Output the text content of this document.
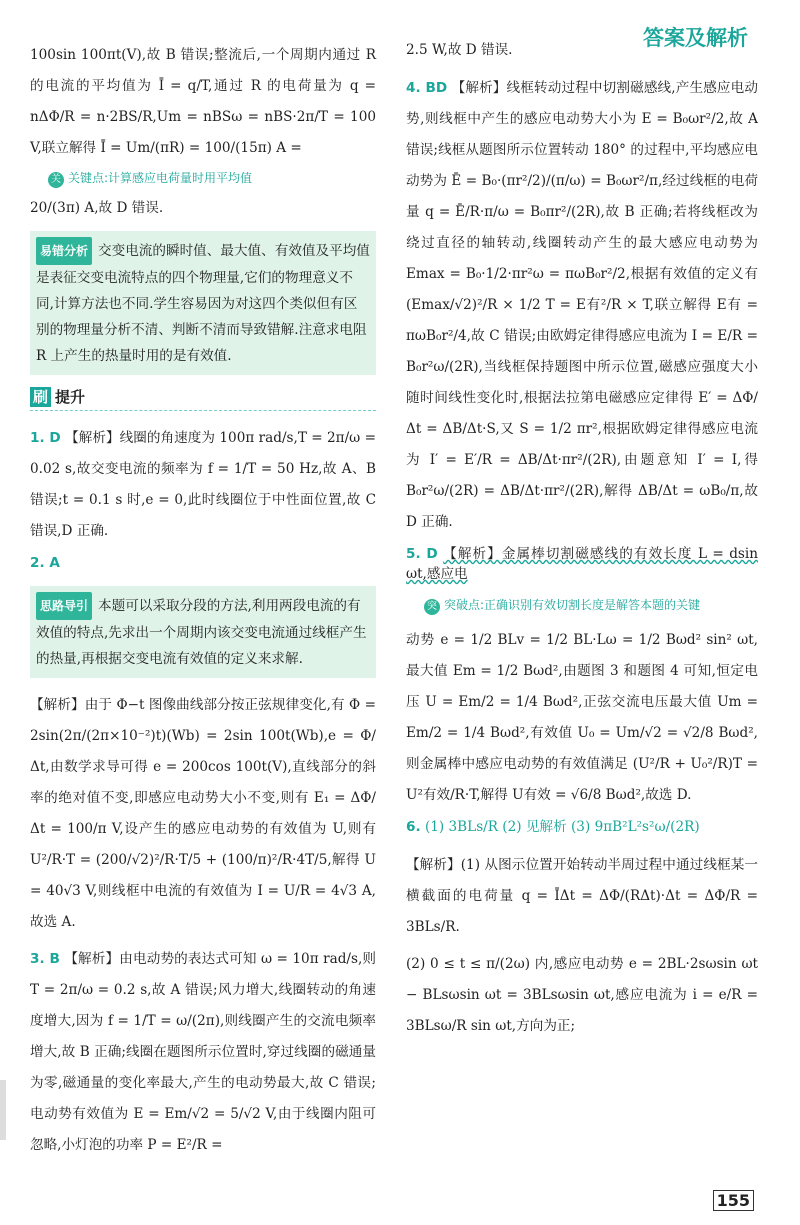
答案及解析

100sin 100πt(V),故 B 错误;整流后,一个周期内通过 R 的电流的平均值为 Ī = q/T,通过 R 的电荷量为 q = nΔΦ/R = n·2BS/R,Um = nBSω = nBS·2π/T = 100 V,联立解得 Ī = Um/(πR) = 100/(15π) A =

关 关键点:计算感应电荷量时用平均值

20/(3π) A,故 D 错误.

易错分析 交变电流的瞬时值、最大值、有效值及平均值是表征交变电流特点的四个物理量,它们的物理意义不同,计算方法也不同.学生容易因为对这四个类似但有区别的物理量分析不清、判断不清而导致错解.注意求电阻 R 上产生的热量时用的是有效值.
刷 提升

1. D 【解析】线圈的角速度为 100π rad/s,T = 2π/ω = 0.02 s,故交变电流的频率为 f = 1/T = 50 Hz,故 A、B 错误;t = 0.1 s 时,e = 0,此时线圈位于中性面位置,故 C 错误,D 正确.

2. A

思路导引 本题可以采取分段的方法,利用两段电流的有效值的特点,先求出一个周期内该交变电流通过线框产生的热量,再根据交变电流有效值的定义来求解.

【解析】由于 Φ−t 图像曲线部分按正弦规律变化,有 Φ = 2sin(2π/(2π×10⁻²)t)(Wb) = 2sin 100t(Wb),e = Φ/Δt,由数学求导可得 e = 200cos 100t(V),直线部分的斜率的绝对值不变,即感应电动势大小不变,则有 E₁ = ΔΦ/Δt = 100/π V,设产生的感应电动势的有效值为 U,则有 U²/R·T = (200/√2)²/R·T/5 + (100/π)²/R·4T/5,解得 U = 40√3 V,则线框中电流的有效值为 I = U/R = 4√3 A,故选 A.

3. B 【解析】由电动势的表达式可知 ω = 10π rad/s,则 T = 2π/ω = 0.2 s,故 A 错误;风力增大,线圈转动的角速度增大,因为 f = 1/T = ω/(2π),则线圈产生的交流电频率增大,故 B 正确;线圈在题图所示位置时,穿过线圈的磁通量为零,磁通量的变化率最大,产生的电动势最大,故 C 错误;电动势有效值为 E = Em/√2 = 5/√2 V,由于线圈内阻可忽略,小灯泡的功率 P = E²/R =

2.5 W,故 D 错误.

4. BD 【解析】线框转动过程中切割磁感线,产生感应电动势,则线框中产生的感应电动势大小为 E = B₀ωr²/2,故 A 错误;线框从题图所示位置转动 180° 的过程中,平均感应电动势为 Ē = B₀·(πr²/2)/(π/ω) = B₀ωr²/π,经过线框的电荷量 q = Ē/R·π/ω = B₀πr²/(2R),故 B 正确;若将线框改为绕过直径的轴转动,线圈转动产生的最大感应电动势为 Emax = B₀·1/2·πr²ω = πωB₀r²/2,根据有效值的定义有 (Emax/√2)²/R × 1/2 T = E有²/R × T,联立解得 E有 = πωB₀r²/4,故 C 错误;由欧姆定律得感应电流为 I = E/R = B₀r²ω/(2R),当线框保持题图中所示位置,磁感应强度大小随时间线性变化时,根据法拉第电磁感应定律得 E′ = ΔΦ/Δt = ΔB/Δt·S,又 S = 1/2 πr²,根据欧姆定律得感应电流为 I′ = E′/R = ΔB/Δt·πr²/(2R),由题意知 I′ = I,得 B₀r²ω/(2R) = ΔB/Δt·πr²/(2R),解得 ΔB/Δt = ωB₀/π,故 D 正确.

5. D 【解析】金属棒切割磁感线的有效长度 L = dsin ωt,感应电

突 突破点:正确识别有效切割长度是解答本题的关键

动势 e = 1/2 BLv = 1/2 BL·Lω = 1/2 Bωd² sin² ωt,最大值 Em = 1/2 Bωd²,由题图 3 和题图 4 可知,恒定电压 U = Em/2 = 1/4 Bωd²,正弦交流电压最大值 Um = Em/2 = 1/4 Bωd²,有效值 U₀ = Um/√2 = √2/8 Bωd²,则金属棒中感应电动势的有效值满足 (U²/R + U₀²/R)T = U²有效/R·T,解得 U有效 = √6/8 Bωd²,故选 D.

6. (1) 3BLs/R (2) 见解析 (3) 9πB²L²s²ω/(2R)

【解析】(1) 从图示位置开始转动半周过程中通过线框某一横截面的电荷量 q = ĪΔt = ΔΦ/(RΔt)·Δt = ΔΦ/R = 3BLs/R.

(2) 0 ≤ t ≤ π/(2ω) 内,感应电动势 e = 2BL·2sωsin ωt − BLsωsin ωt = 3BLsωsin ωt,感应电流为 i = e/R = 3BLsω/R sin ωt,方向为正;

155
